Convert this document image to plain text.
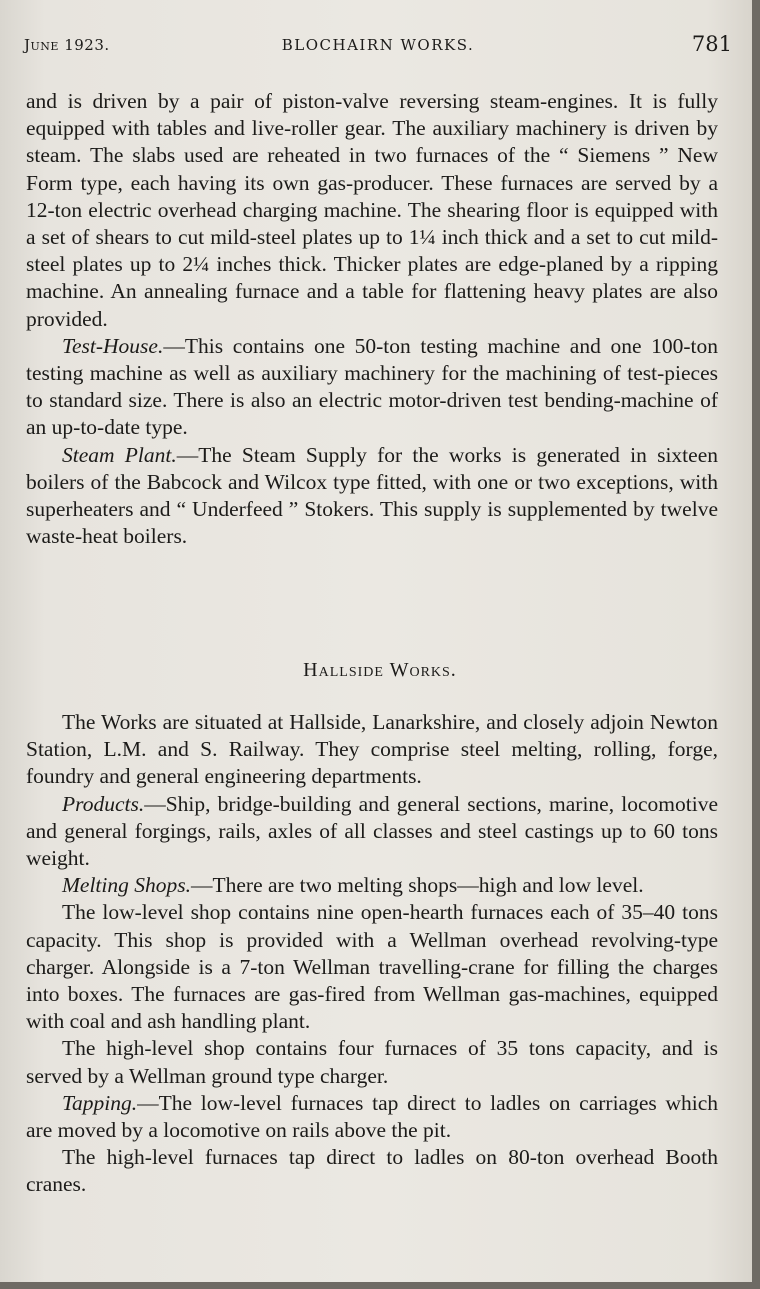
June 1923.	BLOCHAIRN WORKS.	781

and is driven by a pair of piston-valve reversing steam-engines. It is fully equipped with tables and live-roller gear. The auxiliary machinery is driven by steam. The slabs used are reheated in two furnaces of the “ Siemens ” New Form type, each having its own gas-producer. These furnaces are served by a 12-ton electric overhead charging machine. The shearing floor is equipped with a set of shears to cut mild-steel plates up to 1¼ inch thick and a set to cut mild-steel plates up to 2¼ inches thick. Thicker plates are edge-planed by a ripping machine. An annealing furnace and a table for flattening heavy plates are also provided.

Test-House.—This contains one 50-ton testing machine and one 100-ton testing machine as well as auxiliary machinery for the machining of test-pieces to standard size. There is also an electric motor-driven test bending-machine of an up-to-date type.

Steam Plant.—The Steam Supply for the works is generated in sixteen boilers of the Babcock and Wilcox type fitted, with one or two exceptions, with superheaters and “ Underfeed ” Stokers. This supply is supplemented by twelve waste-heat boilers.

Hallside Works.

The Works are situated at Hallside, Lanarkshire, and closely adjoin Newton Station, L.M. and S. Railway. They comprise steel melting, rolling, forge, foundry and general engineering departments.

Products.—Ship, bridge-building and general sections, marine, locomotive and general forgings, rails, axles of all classes and steel castings up to 60 tons weight.

Melting Shops.—There are two melting shops—high and low level.

The low-level shop contains nine open-hearth furnaces each of 35–40 tons capacity. This shop is provided with a Wellman overhead revolving-type charger. Alongside is a 7-ton Wellman travelling-crane for filling the charges into boxes. The furnaces are gas-fired from Wellman gas-machines, equipped with coal and ash handling plant.

The high-level shop contains four furnaces of 35 tons capacity, and is served by a Wellman ground type charger.

Tapping.—The low-level furnaces tap direct to ladles on carriages which are moved by a locomotive on rails above the pit.

The high-level furnaces tap direct to ladles on 80-ton overhead Booth cranes.
